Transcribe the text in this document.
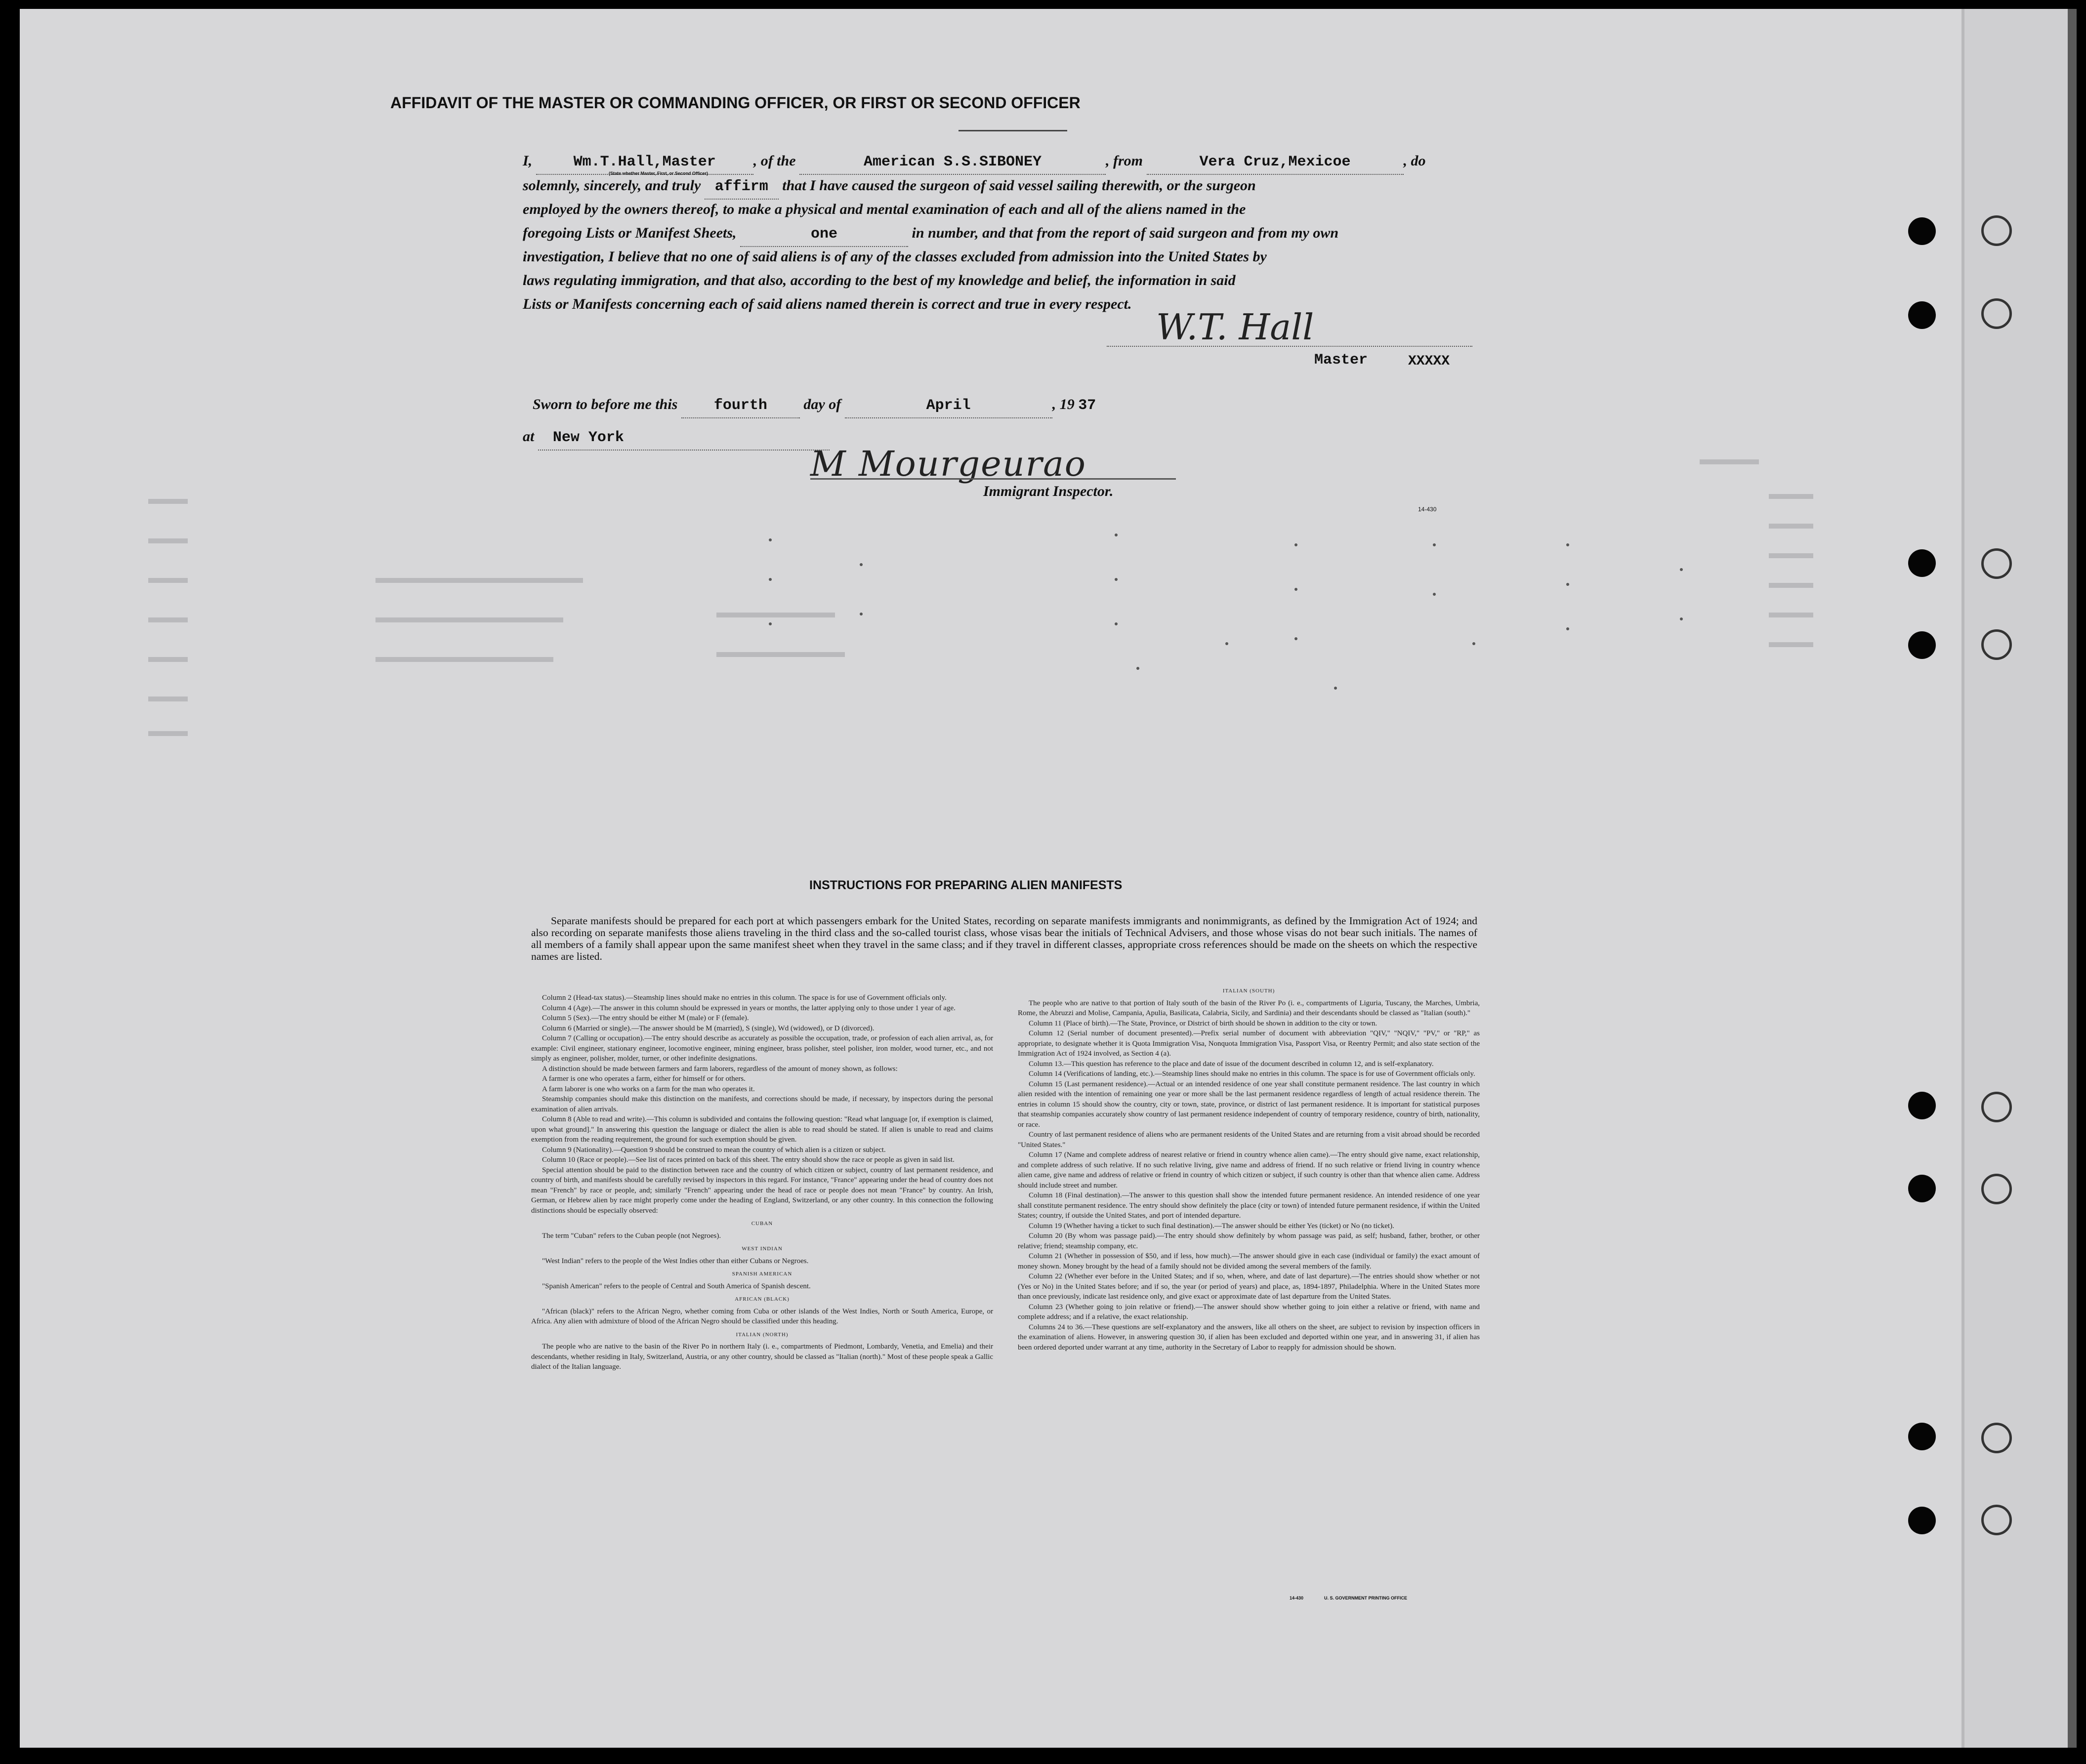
AFFIDAVIT OF THE MASTER OR COMMANDING OFFICER, OR FIRST OR SECOND OFFICER
I,	Wm.T.Hall,Master	, of the	American S.S.SIBONEY	, from	Vera Cruz,Mexicoe	, do
(State whether Master, First, or Second Officer)
solemnly, sincerely, and truly affirm that I have caused the surgeon of said vessel sailing therewith, or the surgeon
employed by the owners thereof, to make a physical and mental examination of each and all of the aliens named in the
foregoing Lists or Manifest Sheets,	one	in number, and that from the report of said surgeon and from my own
investigation, I believe that no one of said aliens is of any of the classes excluded from admission into the United States by
laws regulating immigration, and that also, according to the best of my knowledge and belief, the information in said
Lists or Manifests concerning each of said aliens named therein is correct and true in every respect.
W.T. Hall
Master	XXXXX
Sworn to before me this fourth day of	April	, 19 37
at New York
M Mourgeurao
Immigrant Inspector.
14-430
INSTRUCTIONS FOR PREPARING ALIEN MANIFESTS
Separate manifests should be prepared for each port at which passengers embark for the United States, recording on separate manifests immigrants and nonimmigrants, as defined by the Immigration Act of 1924; and also recording on separate manifests those aliens traveling in the third class and the so-called tourist class, whose visas bear the initials of Technical Advisers, and those whose visas do not bear such initials. The names of all members of a family shall appear upon the same manifest sheet when they travel in the same class; and if they travel in different classes, appropriate cross references should be made on the sheets on which the respective names are listed.

Column 2 (Head-tax status).—Steamship lines should make no entries in this column. The space is for use of Government officials only.

Column 4 (Age).—The answer in this column should be expressed in years or months, the latter applying only to those under 1 year of age.

Column 5 (Sex).—The entry should be either M (male) or F (female).

Column 6 (Married or single).—The answer should be M (married), S (single), Wd (widowed), or D (divorced).

Column 7 (Calling or occupation).—The entry should describe as accurately as possible the occupation, trade, or profession of each alien arrival, as, for example: Civil engineer, stationary engineer, locomotive engineer, mining engineer, brass polisher, steel polisher, iron molder, wood turner, etc., and not simply as engineer, polisher, molder, turner, or other indefinite designations.

A distinction should be made between farmers and farm laborers, regardless of the amount of money shown, as follows:

A farmer is one who operates a farm, either for himself or for others.

A farm laborer is one who works on a farm for the man who operates it.

Steamship companies should make this distinction on the manifests, and corrections should be made, if necessary, by inspectors during the personal examination of alien arrivals.

Column 8 (Able to read and write).—This column is subdivided and contains the following question: "Read what language [or, if exemption is claimed, upon what ground]." In answering this question the language or dialect the alien is able to read should be stated. If alien is unable to read and claims exemption from the reading requirement, the ground for such exemption should be given.

Column 9 (Nationality).—Question 9 should be construed to mean the country of which alien is a citizen or subject.

Column 10 (Race or people).—See list of races printed on back of this sheet. The entry should show the race or people as given in said list.

Special attention should be paid to the distinction between race and the country of which citizen or subject, country of last permanent residence, and country of birth, and manifests should be carefully revised by inspectors in this regard. For instance, "France" appearing under the head of country does not mean "French" by race or people, and; similarly "French" appearing under the head of race or people does not mean "France" by country. An Irish, German, or Hebrew alien by race might properly come under the heading of England, Switzerland, or any other country. In this connection the following distinctions should be especially observed:

CUBAN

The term "Cuban" refers to the Cuban people (not Negroes).

WEST INDIAN

"West Indian" refers to the people of the West Indies other than either Cubans or Negroes.

SPANISH AMERICAN

"Spanish American" refers to the people of Central and South America of Spanish descent.

AFRICAN (BLACK)

"African (black)" refers to the African Negro, whether coming from Cuba or other islands of the West Indies, North or South America, Europe, or Africa. Any alien with admixture of blood of the African Negro should be classified under this heading.

ITALIAN (NORTH)

The people who are native to the basin of the River Po in northern Italy (i. e., compartments of Piedmont, Lombardy, Venetia, and Emelia) and their descendants, whether residing in Italy, Switzerland, Austria, or any other country, should be classed as "Italian (north)." Most of these people speak a Gallic dialect of the Italian language.

ITALIAN (SOUTH)

The people who are native to that portion of Italy south of the basin of the River Po (i. e., compartments of Liguria, Tuscany, the Marches, Umbria, Rome, the Abruzzi and Molise, Campania, Apulia, Basilicata, Calabria, Sicily, and Sardinia) and their descendants should be classed as "Italian (south)."

Column 11 (Place of birth).—The State, Province, or District of birth should be shown in addition to the city or town.

Column 12 (Serial number of document presented).—Prefix serial number of document with abbreviation "QIV," "NQIV," "PV," or "RP," as appropriate, to designate whether it is Quota Immigration Visa, Nonquota Immigration Visa, Passport Visa, or Reentry Permit; and also state section of the Immigration Act of 1924 involved, as Section 4 (a).

Column 13.—This question has reference to the place and date of issue of the document described in column 12, and is self-explanatory.

Column 14 (Verifications of landing, etc.).—Steamship lines should make no entries in this column. The space is for use of Government officials only.

Column 15 (Last permanent residence).—Actual or an intended residence of one year shall constitute permanent residence. The last country in which alien resided with the intention of remaining one year or more shall be the last permanent residence regardless of length of actual residence therein. The entries in column 15 should show the country, city or town, state, province, or district of last permanent residence. It is important for statistical purposes that steamship companies accurately show country of last permanent residence independent of country of temporary residence, country of birth, nationality, or race.

Country of last permanent residence of aliens who are permanent residents of the United States and are returning from a visit abroad should be recorded "United States."

Column 17 (Name and complete address of nearest relative or friend in country whence alien came).—The entry should give name, exact relationship, and complete address of such relative. If no such relative living, give name and address of friend. If no such relative or friend living in country whence alien came, give name and address of relative or friend in country of which citizen or subject, if such country is other than that whence alien came. Address should include street and number.

Column 18 (Final destination).—The answer to this question shall show the intended future permanent residence. An intended residence of one year shall constitute permanent residence. The entry should show definitely the place (city or town) of intended future permanent residence, if within the United States; country, if outside the United States, and port of intended departure.

Column 19 (Whether having a ticket to such final destination).—The answer should be either Yes (ticket) or No (no ticket).

Column 20 (By whom was passage paid).—The entry should show definitely by whom passage was paid, as self; husband, father, brother, or other relative; friend; steamship company, etc.

Column 21 (Whether in possession of $50, and if less, how much).—The answer should give in each case (individual or family) the exact amount of money shown. Money brought by the head of a family should not be divided among the several members of the family.

Column 22 (Whether ever before in the United States; and if so, when, where, and date of last departure).—The entries should show whether or not (Yes or No) in the United States before; and if so, the year (or period of years) and place, as, 1894-1897, Philadelphia. Where in the United States more than once previously, indicate last residence only, and give exact or approximate date of last departure from the United States.

Column 23 (Whether going to join relative or friend).—The answer should show whether going to join either a relative or friend, with name and complete address; and if a relative, the exact relationship.

Columns 24 to 36.—These questions are self-explanatory and the answers, like all others on the sheet, are subject to revision by inspection officers in the examination of aliens. However, in answering question 30, if alien has been excluded and deported within one year, and in answering 31, if alien has been ordered deported under warrant at any time, authority in the Secretary of Labor to reapply for admission should be shown.

14-430	U. S. GOVERNMENT PRINTING OFFICE
